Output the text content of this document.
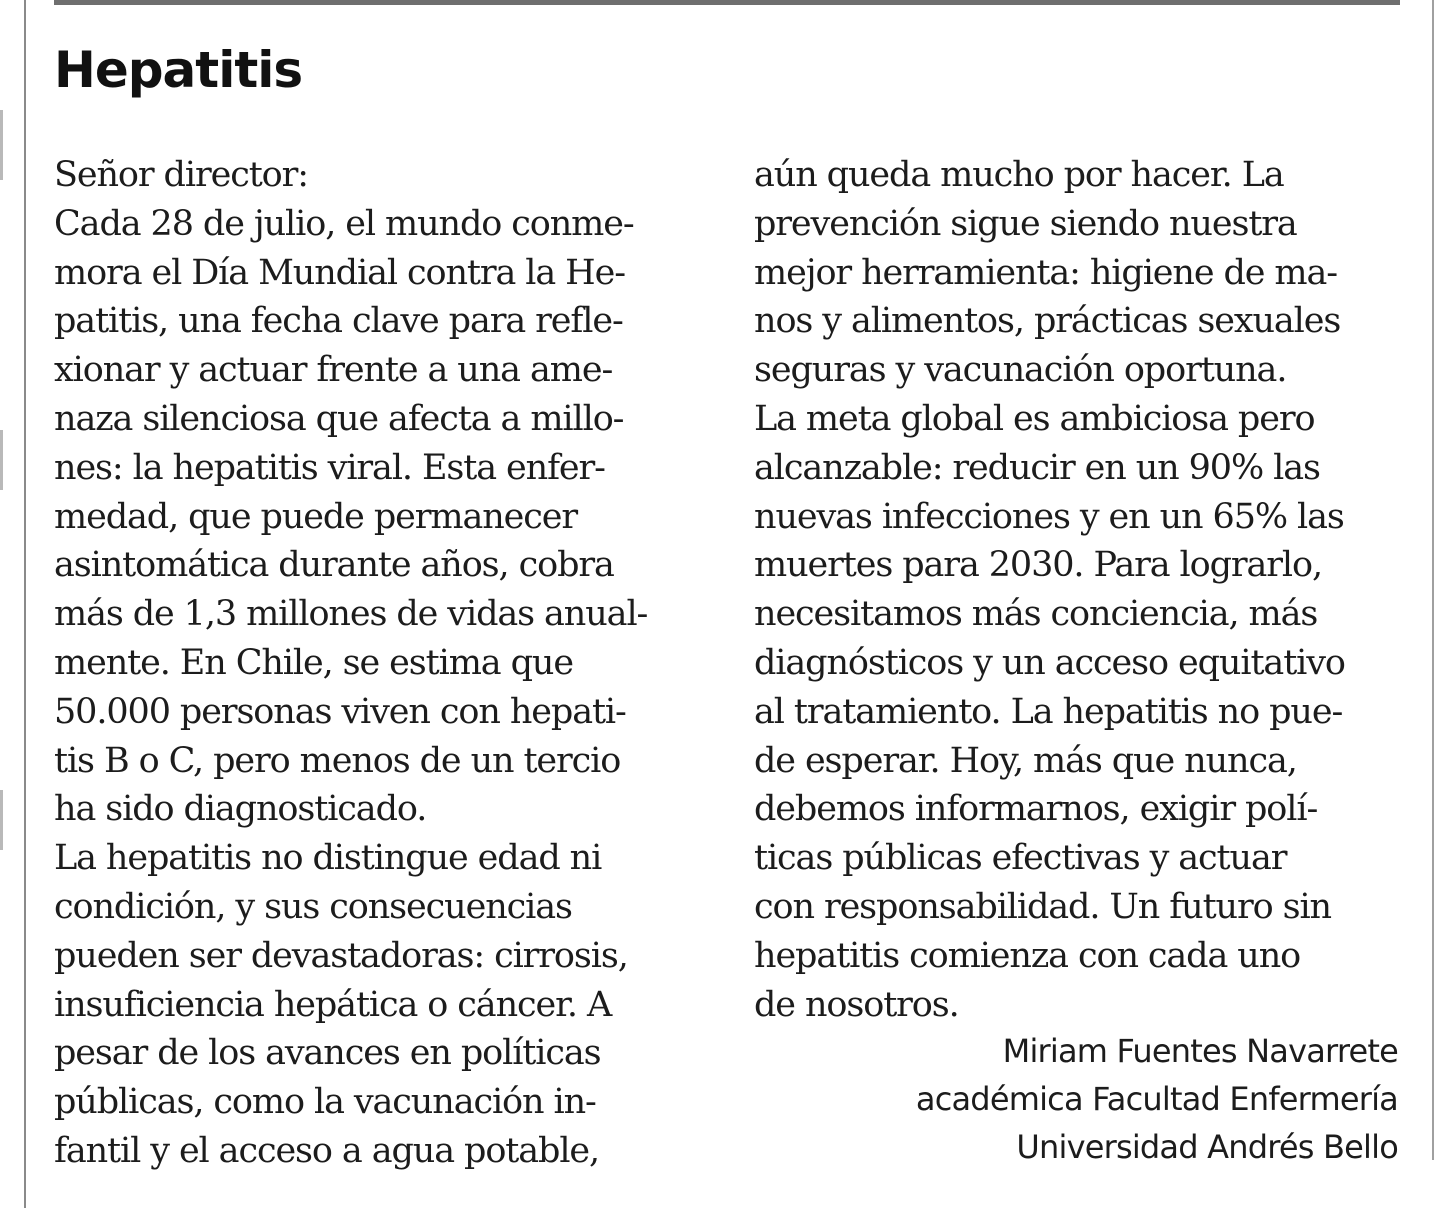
Hepatitis
Señor director:
Cada 28 de julio, el mundo conme-
mora el Día Mundial contra la He-
patitis, una fecha clave para refle-
xionar y actuar frente a una ame-
naza silenciosa que afecta a millo-
nes: la hepatitis viral. Esta enfer-
medad, que puede permanecer
asintomática durante años, cobra
más de 1,3 millones de vidas anual-
mente. En Chile, se estima que
50.000 personas viven con hepati-
tis B o C, pero menos de un tercio
ha sido diagnosticado.
La hepatitis no distingue edad ni
condición, y sus consecuencias
pueden ser devastadoras: cirrosis,
insuficiencia hepática o cáncer. A
pesar de los avances en políticas
públicas, como la vacunación in-
fantil y el acceso a agua potable,
aún queda mucho por hacer. La
prevención sigue siendo nuestra
mejor herramienta: higiene de ma-
nos y alimentos, prácticas sexuales
seguras y vacunación oportuna.
La meta global es ambiciosa pero
alcanzable: reducir en un 90% las
nuevas infecciones y en un 65% las
muertes para 2030. Para lograrlo,
necesitamos más conciencia, más
diagnósticos y un acceso equitativo
al tratamiento. La hepatitis no pue-
de esperar. Hoy, más que nunca,
debemos informarnos, exigir polí-
ticas públicas efectivas y actuar
con responsabilidad. Un futuro sin
hepatitis comienza con cada uno
de nosotros.
Miriam Fuentes Navarrete
académica Facultad Enfermería
Universidad Andrés Bello
